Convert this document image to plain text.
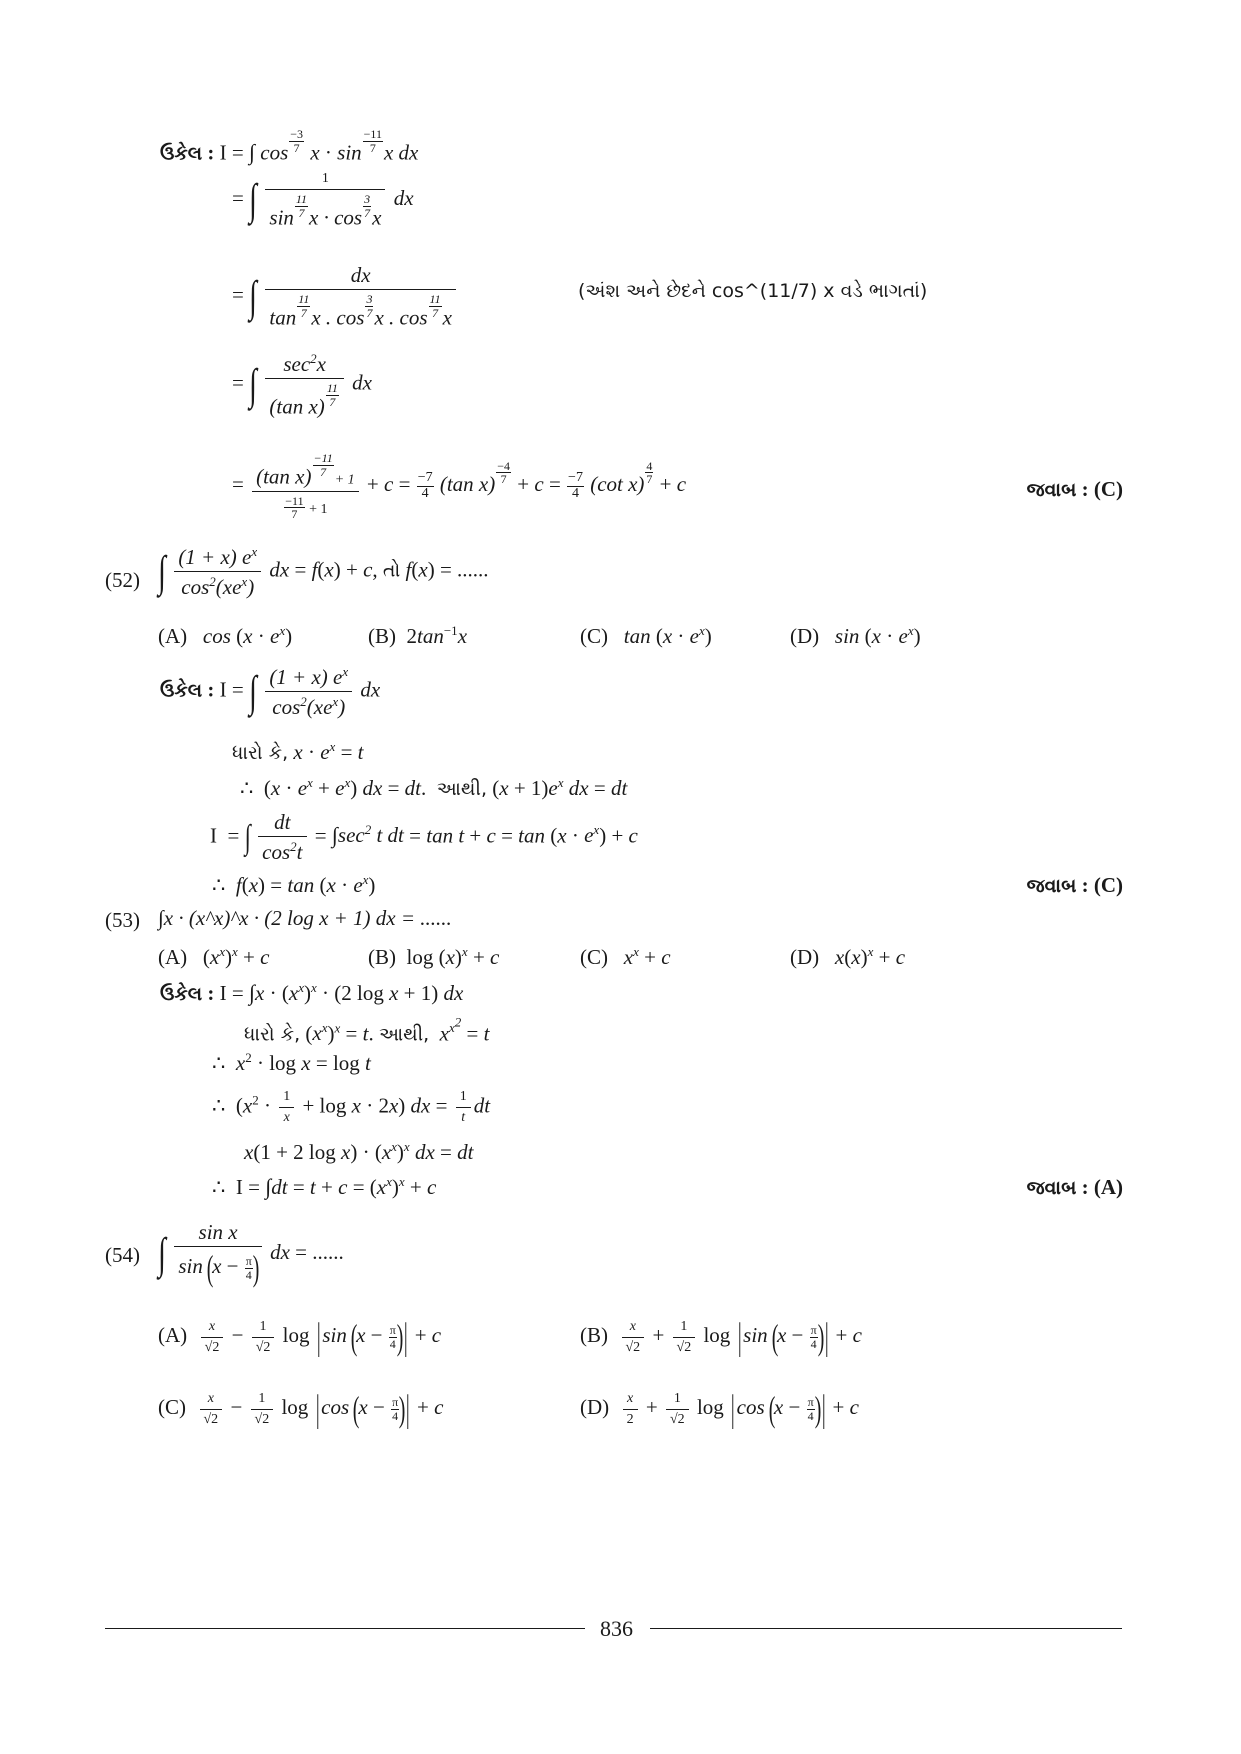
ઉકેલ : I = ∫ $\cos \frac{-3}{7}$ $x \cdot \sin \frac{-11}{7}$ x dx
= ∫ $\frac{1}{\sin \frac{11}{7} x \cdot \cos \frac{3}{7} x}$ dx
= ∫ $\frac{dx}{\tan \frac{11}{7} x . \cos \frac{3}{7} x . \cos \frac{11}{7} x}$	(અંશ અને છેદને cos^(11/7) x વડે ભાગતાં)
= ∫ $\frac{\sec^2x}{(\tan x) \frac{11}{7}}$ dx
= (tan $x) \frac{-11}{7}$
+ 1
$\frac{-11}{7} + 1 + c = \frac{-7}{4} (\tan$ $x) \frac{-4}{7} + c = \frac{-7}{4} (\cot$ $x) \frac{4}{7} + c$	જવાબ : (C)
(52) ∫ $\frac{(1 + x) e^x}{\cos^2(xe^x)}$ dx = f(x) + c, તો f(x) = ......
(A) $\cos (x \cdot e^x)$	(B)  $2\tan^{-1}x$	(C) $\tan (x \cdot e^x)$	(D) $\sin (x \cdot e^x)$
ઉકેલ : I = ∫ $\frac{(1 + x) e^x}{\cos^2(xe^x)}$ dx
ધારો કે, $x \cdot e^x = t$
∴  $(x \cdot e^x + e^x)$ dx = dt.  આથી, $(x + 1)e^x$ dx = dt
I  = ∫ $\frac{dt}{\cos^2t} = \int\sec^2$ t dt = $\tan t + c = \tan (x \cdot e^x) + c$
∴  $f(x) = \tan (x \cdot e^x)$	જવાબ : (C)
(53) ∫x · (x^x)^x · (2 log x + 1) dx = ......
(A)   $(x^x)^x + c$	(B)  $\log (x)^x + c$	(C) $x^x + c$	(D) $x(x)^x + c$
ઉકેલ : $I = \int x \cdot (x^x)^x \cdot (2$ log x + 1) dx
ધારો કે, $(x^x)^x = t$. આથી, $x^{x^2} = t$
∴  $x^2 \cdot \log x = \log t$
∴  $(x^2 \cdot \frac{1}{x} + \log x \cdot 2x)$ dx = $\frac{1}{t}$ dt
x(1 + 2 $\log x) \cdot (x^x)^x$ dx = dt
∴  $I = \int dt = t + c = (x^x)^x + c$	જવાબ : (A)
(54) ∫ $\frac{\text{sin x}}{\sin (x - \frac{\pi}{4} )}$ dx = ......
$(A) \frac{x}{√2} - \frac{1}{√2}$ log |sin ($x - \frac{\pi}{4}$ )| + c	$(B) \frac{x}{√2} + \frac{1}{√2}$ log |sin ($x - \frac{\pi}{4}$ )| + c
$(C) \frac{x}{√2} - \frac{1}{√2}$ log |cos ($x - \frac{\pi}{4}$ )| + c	$(D) \frac{x}{2} + \frac{1}{√2}$ log |cos ($x - \frac{\pi}{4}$ )| + c
836
